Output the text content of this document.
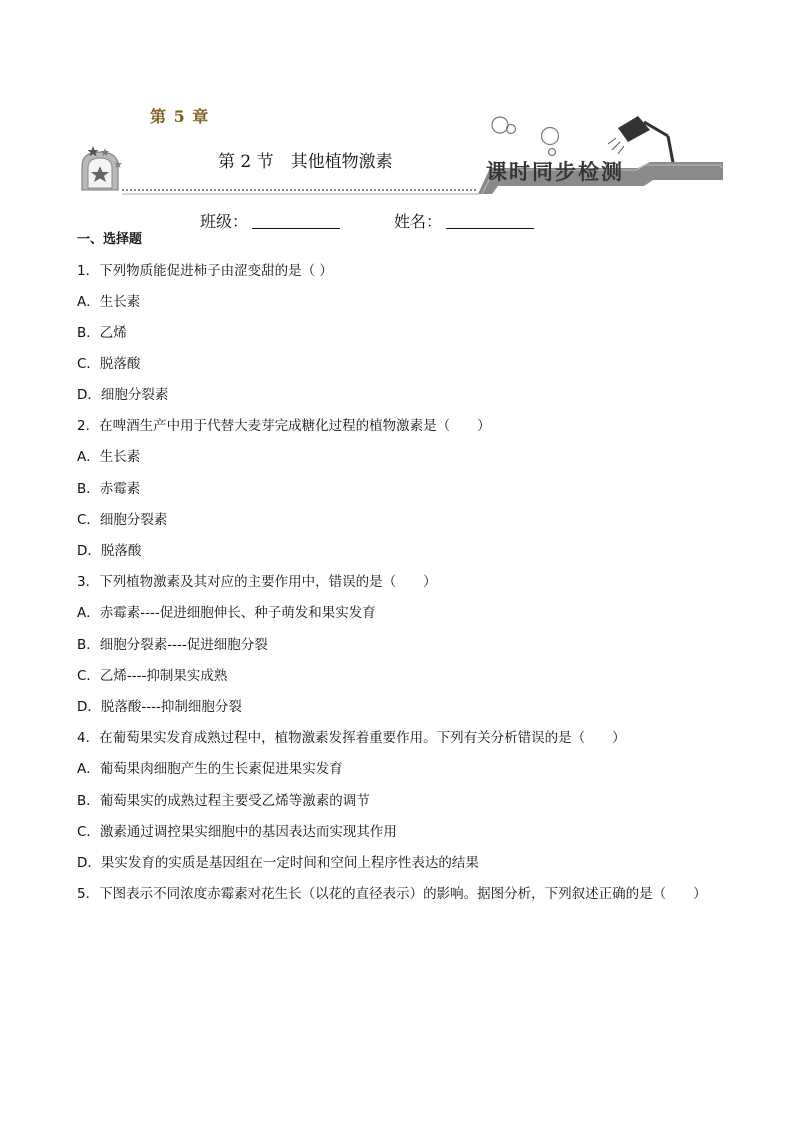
第 5 章
第 2 节　其他植物激素	课时同步检测
班级：	姓名：
一、选择题
1．下列物质能促进柿子由涩变甜的是（ ）
A．生长素
B．乙烯
C．脱落酸
D．细胞分裂素
2．在啤酒生产中用于代替大麦芽完成糖化过程的植物激素是（　　）
A．生长素
B．赤霉素
C．细胞分裂素
D．脱落酸
3．下列植物激素及其对应的主要作用中，错误的是（　　）
A．赤霉素----促进细胞伸长、种子萌发和果实发育
B．细胞分裂素----促进细胞分裂
C．乙烯----抑制果实成熟
D．脱落酸----抑制细胞分裂
4．在葡萄果实发育成熟过程中，植物激素发挥着重要作用。下列有关分析错误的是（　　）
A．葡萄果肉细胞产生的生长素促进果实发育
B．葡萄果实的成熟过程主要受乙烯等激素的调节
C．激素通过调控果实细胞中的基因表达而实现其作用
D．果实发育的实质是基因组在一定时间和空间上程序性表达的结果
5．下图表示不同浓度赤霉素对花生长（以花的直径表示）的影响。据图分析，下列叙述正确的是（　　）
